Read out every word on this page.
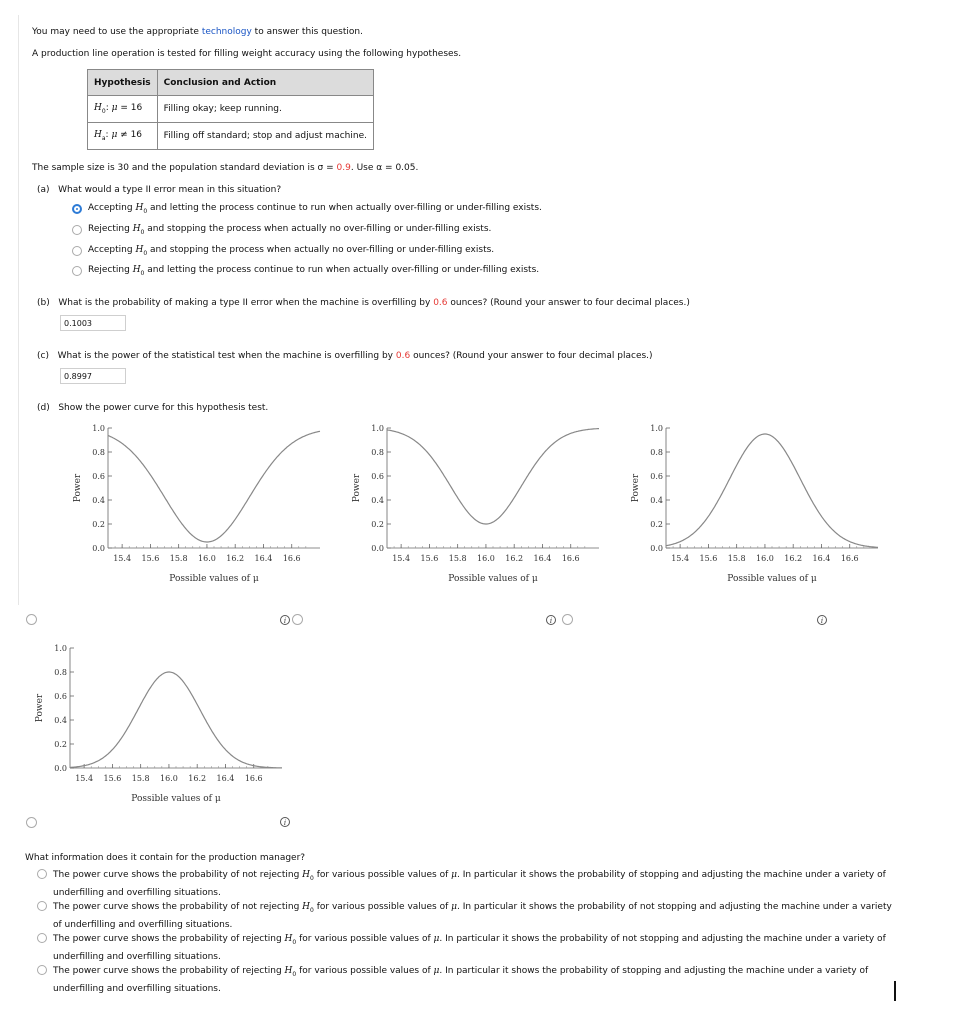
You may need to use the appropriate technology to answer this question.
A production line operation is tested for filling weight accuracy using the following hypotheses.
Hypothesis	Conclusion and Action
$H_0$: μ = 16	Filling okay; keep running.
$H_a$: μ ≠ 16	Filling off standard; stop and adjust machine.
The sample size is 30 and the population standard deviation is σ = 0.9. Use α = 0.05.
(a) What would a type II error mean in this situation?
Accepting $H_0$ and letting the process continue to run when actually over-filling or under-filling exists.
Rejecting $H_0$ and stopping the process when actually no over-filling or under-filling exists.
Accepting $H_0$ and stopping the process when actually no over-filling or under-filling exists.
Rejecting $H_0$ and letting the process continue to run when actually over-filling or under-filling exists.
(b) What is the probability of making a type II error when the machine is overfilling by 0.6 ounces? (Round your answer to four decimal places.)
0.1003
(c) What is the power of the statistical test when the machine is overfilling by 0.6 ounces? (Round your answer to four decimal places.)
0.8997
(d) Show the power curve for this hypothesis test.
0.0
0.2
0.4
0.6
0.8
1.0
15.4 15.6 15.8 16.0 16.2 16.4 16.6
Power
Possible values of μ
0.0
0.2
0.4
0.6
0.8
1.0
15.4 15.6 15.8 16.0 16.2 16.4 16.6
Power
Possible values of μ
0.0
0.2
0.4
0.6
0.8
1.0
15.4 15.6 15.8 16.0 16.2 16.4 16.6
Power
Possible values of μ
0.0
0.2
0.4
0.6
0.8
1.0
15.4 15.6 15.8 16.0 16.2 16.4 16.6
Power
Possible values of μ
i	i	i
i
What information does it contain for the production manager?
The power curve shows the probability of not rejecting $H_0$ for various possible values of μ. In particular it shows the probability of stopping and adjusting the machine under a variety of underfilling and overfilling situations.
The power curve shows the probability of not rejecting $H_0$ for various possible values of μ. In particular it shows the probability of not stopping and adjusting the machine under a variety of underfilling and overfilling situations.
The power curve shows the probability of rejecting $H_0$ for various possible values of μ. In particular it shows the probability of not stopping and adjusting the machine under a variety of underfilling and overfilling situations.
The power curve shows the probability of rejecting $H_0$ for various possible values of μ. In particular it shows the probability of stopping and adjusting the machine under a variety of underfilling and overfilling situations.
